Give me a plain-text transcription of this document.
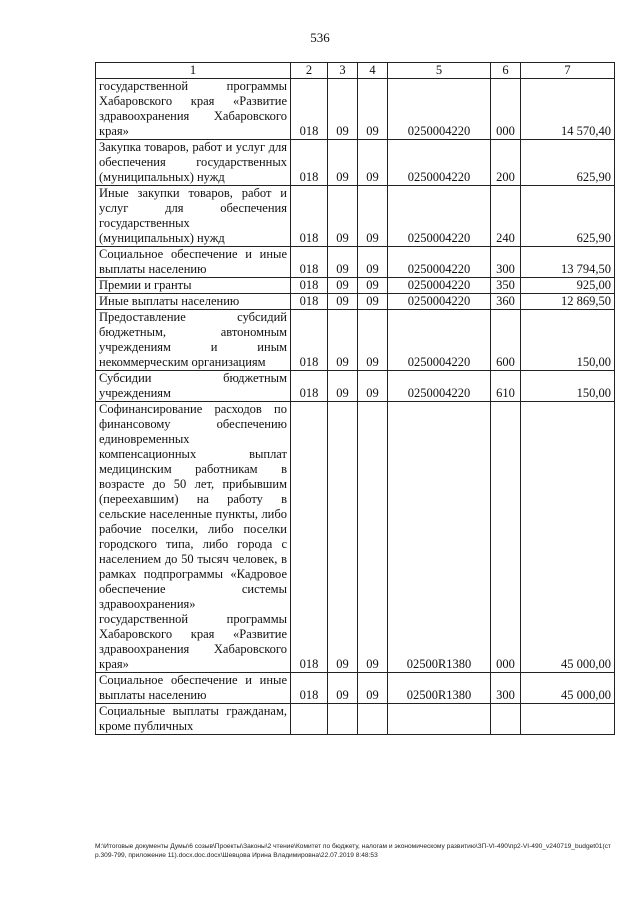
536
1	2	3	4	5	6	7
государственной программы Хабаровского края «Развитие здравоохранения Хабаровского края»	018	09	09	0250004220	000	14 570,40
Закупка товаров, работ и услуг для обеспечения государственных (муниципальных) нужд	018	09	09	0250004220	200	625,90
Иные закупки товаров, работ и услуг для обеспечения государственных (муниципальных) нужд	018	09	09	0250004220	240	625,90
Социальное обеспечение и иные выплаты населению	018	09	09	0250004220	300	13 794,50
Премии и гранты	018	09	09	0250004220	350	925,00
Иные выплаты населению	018	09	09	0250004220	360	12 869,50
Предоставление субсидий бюджетным, автономным учреждениям и иным некоммерческим организациям	018	09	09	0250004220	600	150,00
Субсидии бюджетным учреждениям	018	09	09	0250004220	610	150,00
Софинансирование расходов по финансовому обеспечению единовременных компенсационных выплат медицинским работникам в возрасте до 50 лет, прибывшим (переехавшим) на работу в сельские населенные пункты, либо рабочие поселки, либо поселки городского типа, либо города с населением до 50 тысяч человек, в рамках подпрограммы «Кадровое обеспечение системы здравоохранения» государственной программы Хабаровского края «Развитие здравоохранения Хабаровского края»	018	09	09	02500R1380	000	45 000,00
Социальное обеспечение и иные выплаты населению	018	09	09	02500R1380	300	45 000,00
Социальные выплаты гражданам, кроме публичных						
M:\Итоговые документы Думы\6 созыв\Проекты\Законы\2 чтение\Комитет по бюджету, налогам и экономическому развитию\ЗП-VI-490\пр2-VI-490_v240719_budget01(стр.309-799, приложение 11).docx.doc.docx\Шевцова Ирина Владимировна\22.07.2019 8:48:53
